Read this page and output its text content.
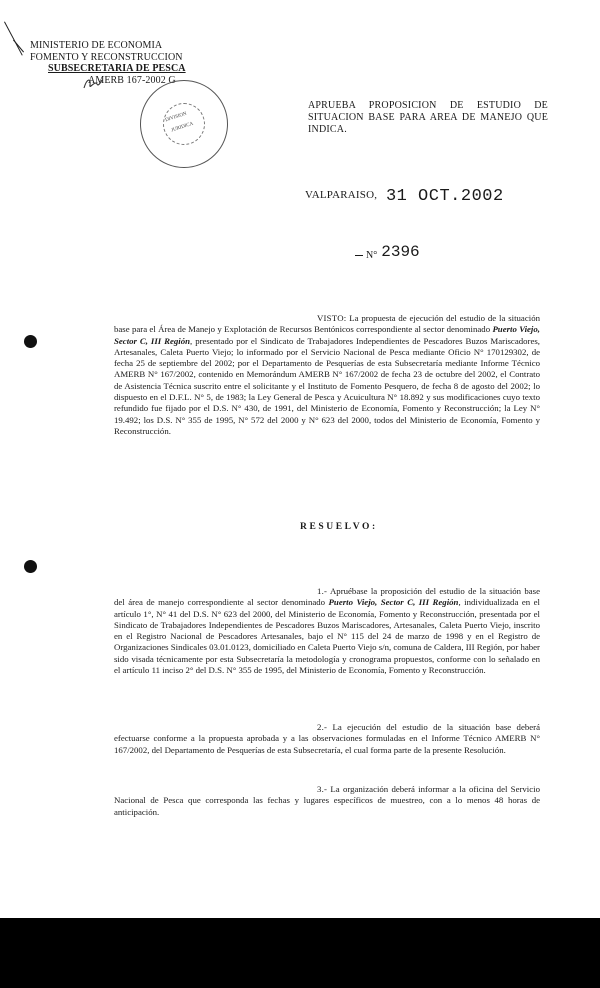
MINISTERIO DE ECONOMIA
FOMENTO Y RECONSTRUCCION
SUBSECRETARIA DE PESCA
AMERB 167-2002 G
DIVISION
JURIDICA
APRUEBA PROPOSICION DE ESTUDIO DE SITUACION BASE PARA AREA DE MANEJO QUE INDICA.
VALPARAISO, 31 OCT.2002
N° 2396
VISTO: La propuesta de ejecución del estudio de la situación base para el Área de Manejo y Explotación de Recursos Bentónicos correspondiente al sector denominado Puerto Viejo, Sector C, III Región, presentado por el Sindicato de Trabajadores Independientes de Pescadores Buzos Mariscadores, Artesanales, Caleta Puerto Viejo; lo informado por el Servicio Nacional de Pesca mediante Oficio N° 170129302, de fecha 25 de septiembre del 2002; por el Departamento de Pesquerías de esta Subsecretaría mediante Informe Técnico AMERB N° 167/2002, contenido en Memorándum AMERB N° 167/2002 de fecha 23 de octubre del 2002, el Contrato de Asistencia Técnica suscrito entre el solicitante y el Instituto de Fomento Pesquero, de fecha 8 de agosto del 2002; lo dispuesto en el D.F.L. N° 5, de 1983; la Ley General de Pesca y Acuicultura N° 18.892 y sus modificaciones cuyo texto refundido fue fijado por el D.S. N° 430, de 1991, del Ministerio de Economía, Fomento y Reconstrucción; la Ley N° 19.492; los D.S. N° 355 de 1995, N° 572 del 2000 y N° 623 del 2000, todos del Ministerio de Economía, Fomento y Reconstrucción.
RESUELVO:
1.- Apruébase la proposición del estudio de la situación base del área de manejo correspondiente al sector denominado Puerto Viejo, Sector C, III Región, individualizada en el artículo 1°, N° 41 del D.S. N° 623 del 2000, del Ministerio de Economía, Fomento y Reconstrucción, presentada por el Sindicato de Trabajadores Independientes de Pescadores Buzos Mariscadores, Artesanales, Caleta Puerto Viejo, inscrito en el Registro Nacional de Pescadores Artesanales, bajo el N° 115 del 24 de marzo de 1998 y en el Registro de Organizaciones Sindicales 03.01.0123, domiciliado en Caleta Puerto Viejo s/n, comuna de Caldera, III Región, por haber sido visada técnicamente por esta Subsecretaría la metodología y cronograma propuestos, conforme con lo señalado en el artículo 11 inciso 2° del D.S. N° 355 de 1995, del Ministerio de Economía, Fomento y Reconstrucción.
2.- La ejecución del estudio de la situación base deberá efectuarse conforme a la propuesta aprobada y a las observaciones formuladas en el Informe Técnico AMERB N° 167/2002, del Departamento de Pesquerías de esta Subsecretaría, el cual forma parte de la presente Resolución.
3.- La organización deberá informar a la oficina del Servicio Nacional de Pesca que corresponda las fechas y lugares específicos de muestreo, con a lo menos 48 horas de anticipación.
